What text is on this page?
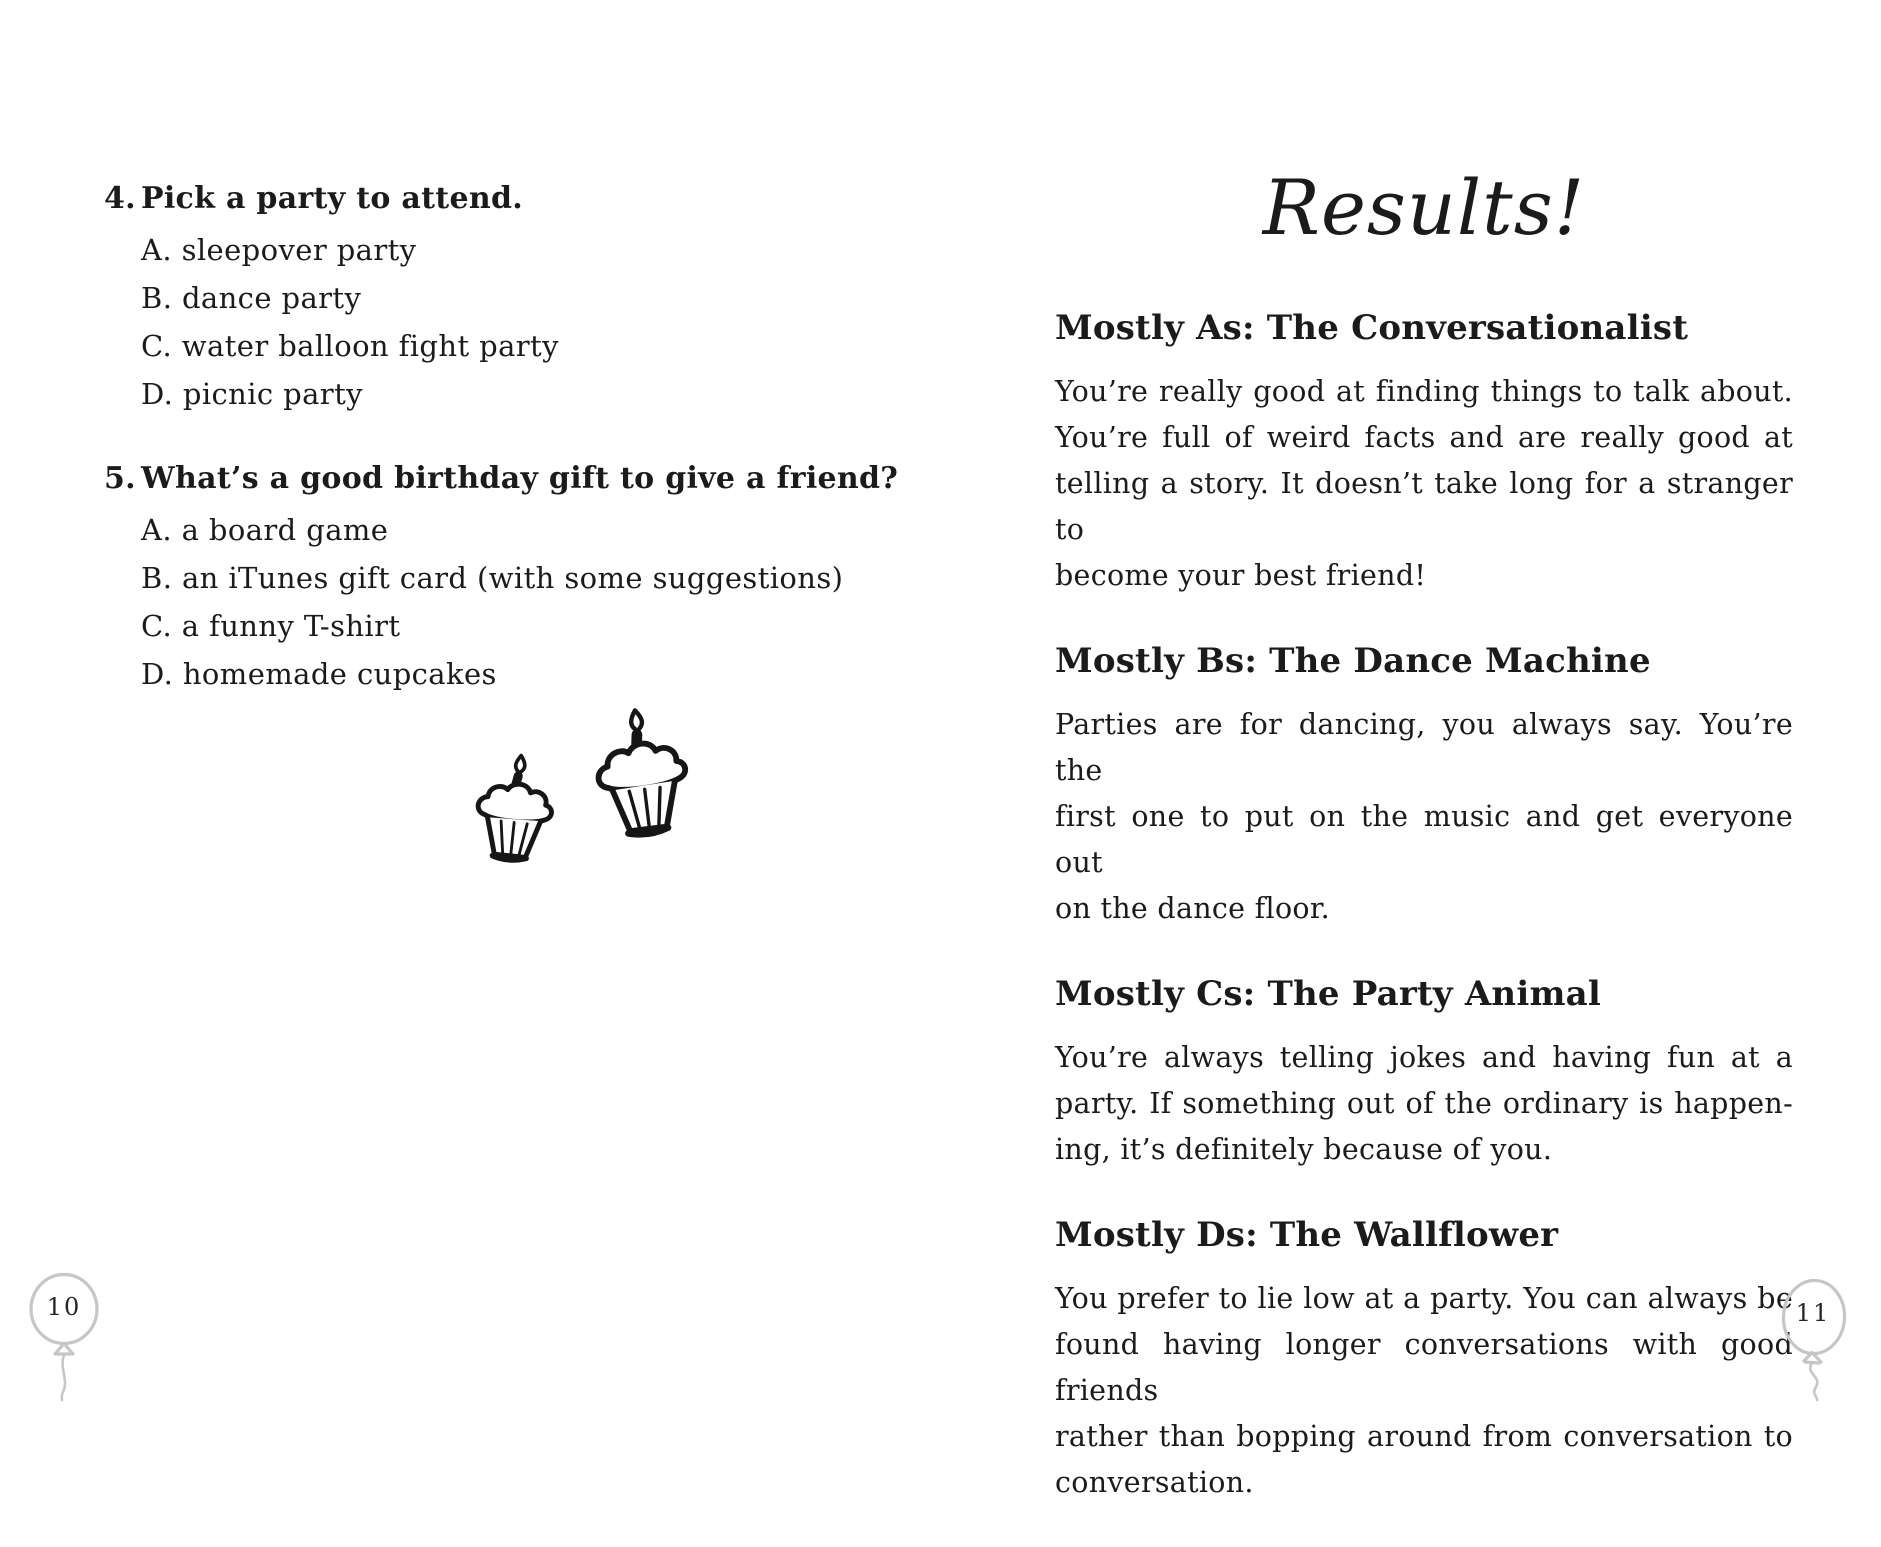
4. Pick a party to attend.
A. sleepover party
B. dance party
C. water balloon fight party
D. picnic party
5. What’s a good birthday gift to give a friend?
A. a board game
B. an iTunes gift card (with some suggestions)
C. a funny T-shirt
D. homemade cupcakes
Results!
Mostly As: The Conversationalist
You’re really good at finding things to talk about.
You’re full of weird facts and are really good at
telling a story. It doesn’t take long for a stranger to
become your best friend!
Mostly Bs: The Dance Machine
Parties are for dancing, you always say. You’re the
first one to put on the music and get everyone out
on the dance floor.
Mostly Cs: The Party Animal
You’re always telling jokes and having fun at a
party. If something out of the ordinary is happen-
ing, it’s definitely because of you.
Mostly Ds: The Wallflower
You prefer to lie low at a party. You can always be
found having longer conversations with good friends
rather than bopping around from conversation to
conversation.
10	11
